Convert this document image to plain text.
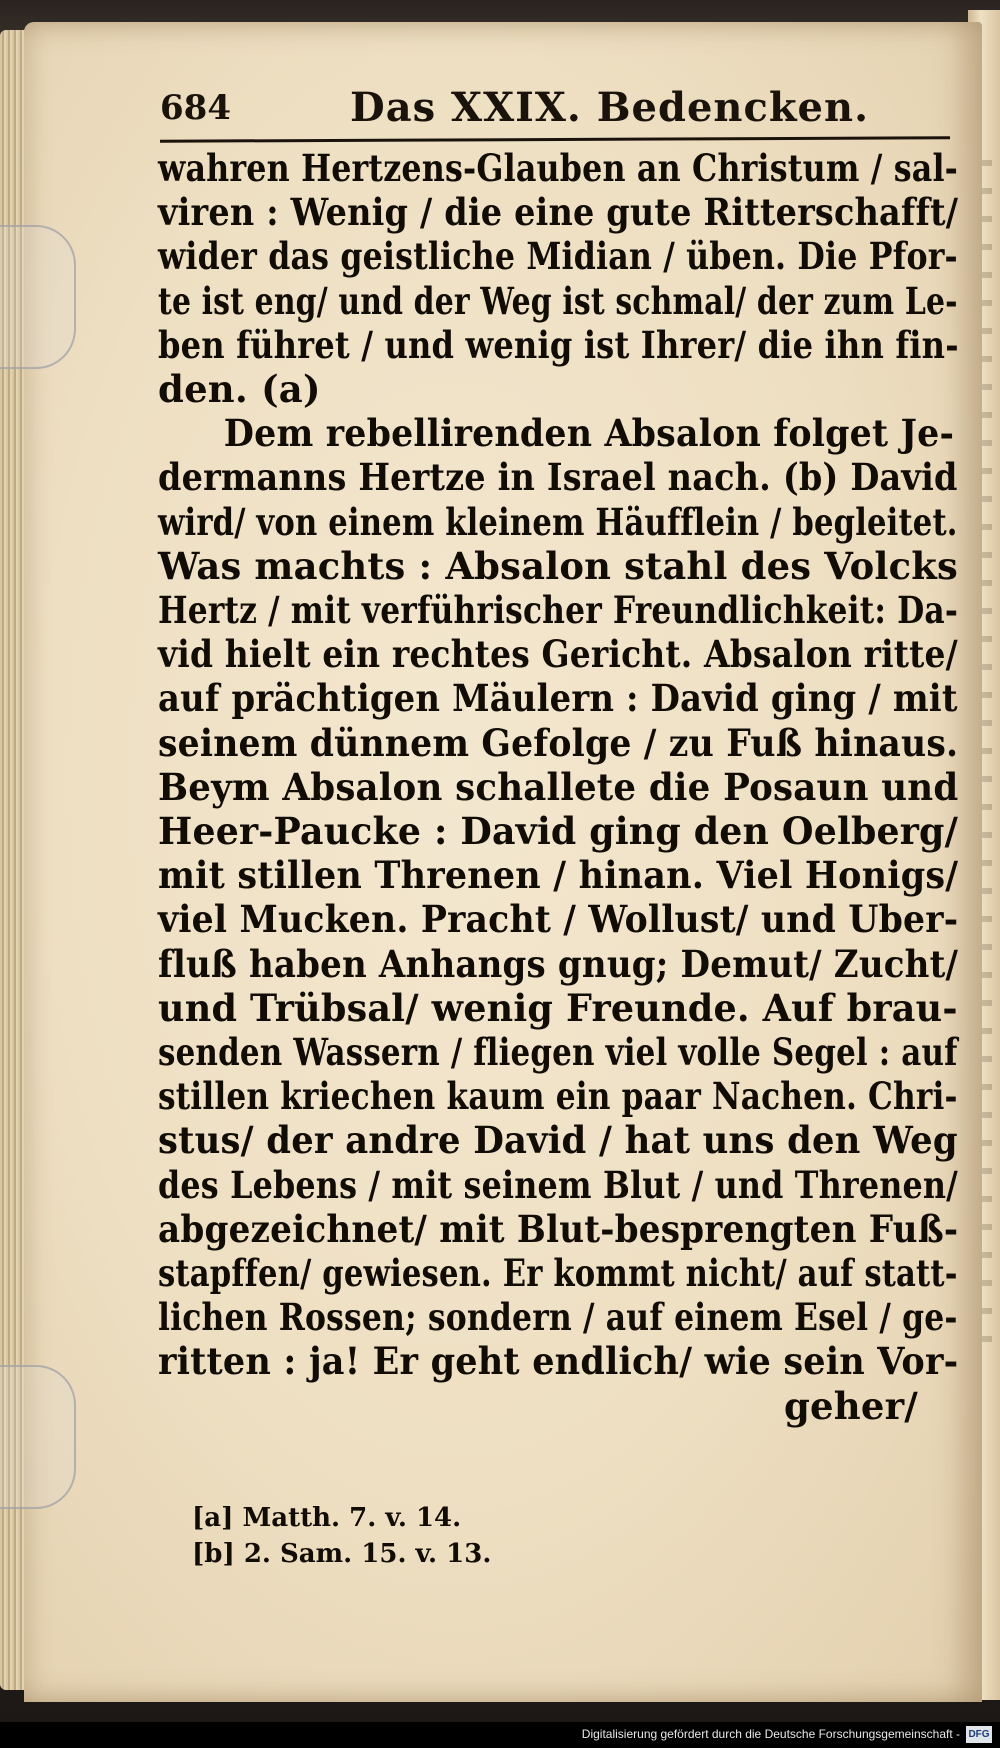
684	Das XXIX. Bedencken.
wahren Hertzens-Glauben an Christum / sal-
viren : Wenig / die eine gute Ritterschafft/
wider das geistliche Midian / üben. Die Pfor-
te ist eng/ und der Weg ist schmal/ der zum Le-
ben führet / und wenig ist Ihrer/ die ihn fin-
den. (a)
Dem rebellirenden Absalon folget Je-
dermanns Hertze in Israel nach. (b) David
wird/ von einem kleinem Häufflein / begleitet.
Was machts : Absalon stahl des Volcks
Hertz / mit verführischer Freundlichkeit: Da-
vid hielt ein rechtes Gericht. Absalon ritte/
auf prächtigen Mäulern : David ging / mit
seinem dünnem Gefolge / zu Fuß hinaus.
Beym Absalon schallete die Posaun und
Heer-Paucke : David ging den Oelberg/
mit stillen Threnen / hinan. Viel Honigs/
viel Mucken. Pracht / Wollust/ und Uber-
fluß haben Anhangs gnug; Demut/ Zucht/
und Trübsal/ wenig Freunde. Auf brau-
senden Wassern / fliegen viel volle Segel : auf
stillen kriechen kaum ein paar Nachen. Chri-
stus/ der andre David / hat uns den Weg
des Lebens / mit seinem Blut / und Threnen/
abgezeichnet/ mit Blut-besprengten Fuß-
stapffen/ gewiesen. Er kommt nicht/ auf statt-
lichen Rossen; sondern / auf einem Esel / ge-
ritten : ja! Er geht endlich/ wie sein Vor-
geher/
[a] Matth. 7. v. 14.
[b] 2. Sam. 15. v. 13.
Digitalisierung gefördert durch die Deutsche Forschungsgemeinschaft - DFG
